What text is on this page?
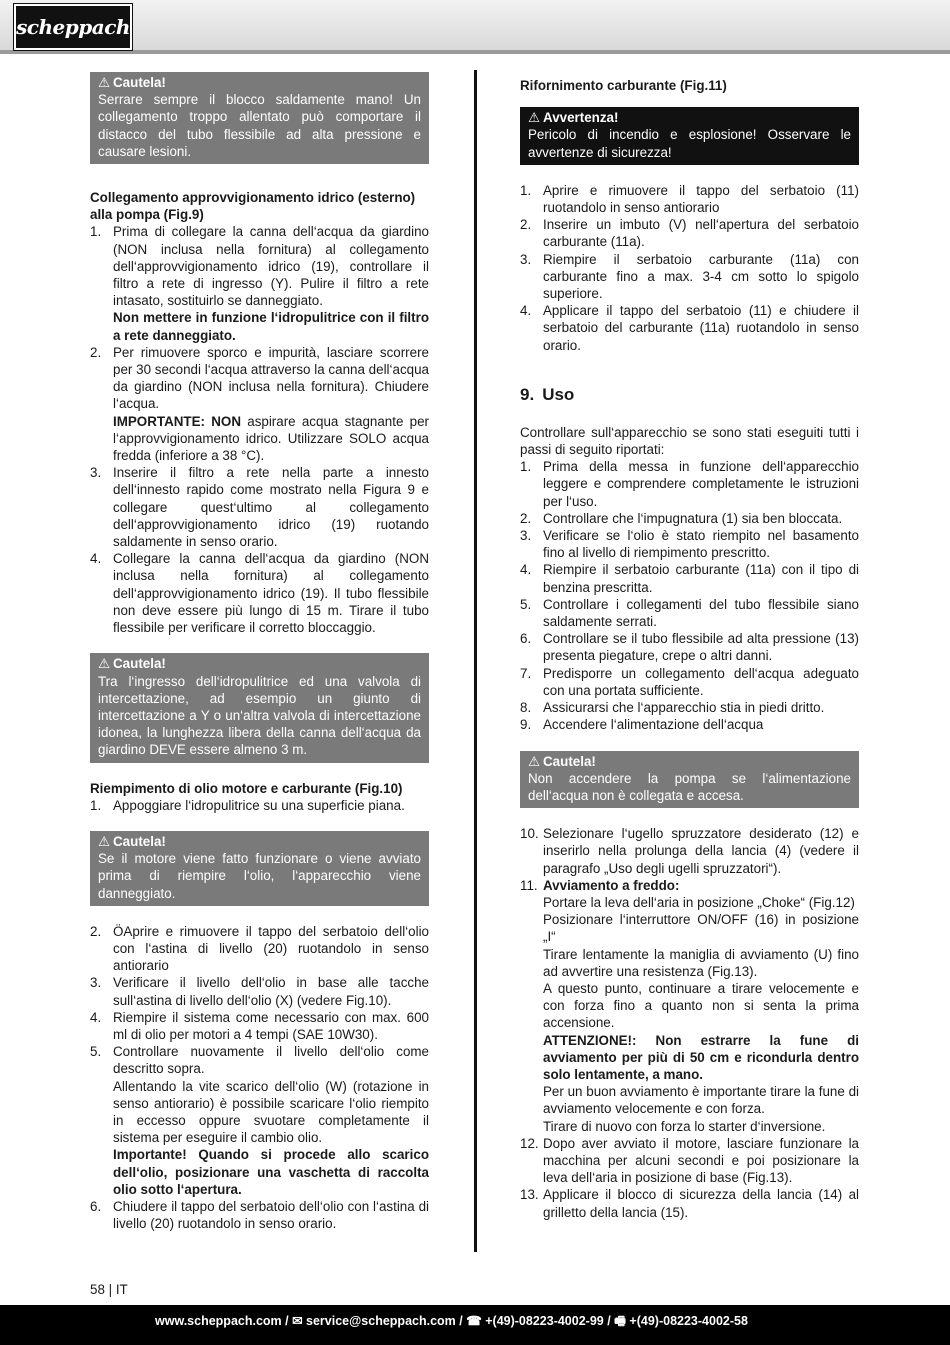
scheppach
⚠ Cautela!
Serrare sempre il blocco saldamente mano! Un collegamento troppo allentato può comportare il distacco del tubo flessibile ad alta pressione e causare lesioni.
Collegamento approvvigionamento idrico (esterno) alla pompa (Fig.9)
1. Prima di collegare la canna dell‘acqua da giardino (NON inclusa nella fornitura) al collegamento dell‘approvvigionamento idrico (19), controllare il filtro a rete di ingresso (Y). Pulire il filtro a rete intasato, sostituirlo se danneggiato.
Non mettere in funzione l‘idropulitrice con il filtro a rete danneggiato.
2. Per rimuovere sporco e impurità, lasciare scorrere per 30 secondi l‘acqua attraverso la canna dell‘acqua da giardino (NON inclusa nella fornitura). Chiudere l‘acqua.
IMPORTANTE: NON aspirare acqua stagnante per l‘approvvigionamento idrico. Utilizzare SOLO acqua fredda (inferiore a 38 °C).
3. Inserire il filtro a rete nella parte a innesto dell‘innesto rapido come mostrato nella Figura 9 e collegare quest‘ultimo al collegamento dell‘approvvigionamento idrico (19) ruotando saldamente in senso orario.
4. Collegare la canna dell‘acqua da giardino (NON inclusa nella fornitura) al collegamento dell‘approvvigionamento idrico (19). Il tubo flessibile non deve essere più lungo di 15 m. Tirare il tubo flessibile per verificare il corretto bloccaggio.
⚠ Cautela!
Tra l‘ingresso dell‘idropulitrice ed una valvola di intercettazione, ad esempio un giunto di intercettazione a Y o un‘altra valvola di intercettazione idonea, la lunghezza libera della canna dell‘acqua da giardino DEVE essere almeno 3 m.
Riempimento di olio motore e carburante (Fig.10)
1. Appoggiare l‘idropulitrice su una superficie piana.
⚠ Cautela!
Se il motore viene fatto funzionare o viene avviato prima di riempire l‘olio, l‘apparecchio viene danneggiato.
2. ÖAprire e rimuovere il tappo del serbatoio dell‘olio con l‘astina di livello (20) ruotandolo in senso antiorario
3. Verificare il livello dell‘olio in base alle tacche sull‘astina di livello dell‘olio (X) (vedere Fig.10).
4. Riempire il sistema come necessario con max. 600 ml di olio per motori a 4 tempi (SAE 10W30).
5. Controllare nuovamente il livello dell‘olio come descritto sopra.
Allentando la vite scarico dell‘olio (W) (rotazione in senso antiorario) è possibile scaricare l‘olio riempito in eccesso oppure svuotare completamente il sistema per eseguire il cambio olio.
Importante! Quando si procede allo scarico dell‘olio, posizionare una vaschetta di raccolta olio sotto l‘apertura.
6. Chiudere il tappo del serbatoio dell‘olio con l‘astina di livello (20) ruotandolo in senso orario.
Rifornimento carburante (Fig.11)
⚠ Avvertenza!
Pericolo di incendio e esplosione! Osservare le avvertenze di sicurezza!
1. Aprire e rimuovere il tappo del serbatoio (11) ruotandolo in senso antiorario
2. Inserire un imbuto (V) nell‘apertura del serbatoio carburante (11a).
3. Riempire il serbatoio carburante (11a) con carburante fino a max. 3-4 cm sotto lo spigolo superiore.
4. Applicare il tappo del serbatoio (11) e chiudere il serbatoio del carburante (11a) ruotandolo in senso orario.
9. Uso

Controllare sull‘apparecchio se sono stati eseguiti tutti i passi di seguito riportati:

1. Prima della messa in funzione dell‘apparecchio leggere e comprendere completamente le istruzioni per l‘uso.
2. Controllare che l‘impugnatura (1) sia ben bloccata.
3. Verificare se l‘olio è stato riempito nel basamento fino al livello di riempimento prescritto.
4. Riempire il serbatoio carburante (11a) con il tipo di benzina prescritta.
5. Controllare i collegamenti del tubo flessibile siano saldamente serrati.
6. Controllare se il tubo flessibile ad alta pressione (13) presenta piegature, crepe o altri danni.
7. Predisporre un collegamento dell‘acqua adeguato con una portata sufficiente.
8. Assicurarsi che l‘apparecchio stia in piedi dritto.
9. Accendere l‘alimentazione dell‘acqua
⚠ Cautela!
Non accendere la pompa se l‘alimentazione dell‘acqua non è collegata e accesa.
10. Selezionare l‘ugello spruzzatore desiderato (12) e inserirlo nella prolunga della lancia (4) (vedere il paragrafo „Uso degli ugelli spruzzatori“).
11. Avviamento a freddo:
Portare la leva dell‘aria in posizione „Choke“ (Fig.12)
Posizionare l‘interruttore ON/OFF (16) in posizione „I“
Tirare lentamente la maniglia di avviamento (U) fino ad avvertire una resistenza (Fig.13).
A questo punto, continuare a tirare velocemente e con forza fino a quanto non si senta la prima accensione.
ATTENZIONE!: Non estrarre la fune di avviamento per più di 50 cm e ricondurla dentro solo lentamente, a mano.
Per un buon avviamento è importante tirare la fune di avviamento velocemente e con forza.
Tirare di nuovo con forza lo starter d‘inversione.
12. Dopo aver avviato il motore, lasciare funzionare la macchina per alcuni secondi e poi posizionare la leva dell‘aria in posizione di base (Fig.13).
13. Applicare il blocco di sicurezza della lancia (14) al grilletto della lancia (15).
58 | IT
www.scheppach.com / ✉ service@scheppach.com / ☎ +(49)-08223-4002-99 / 🖷 +(49)-08223-4002-58
